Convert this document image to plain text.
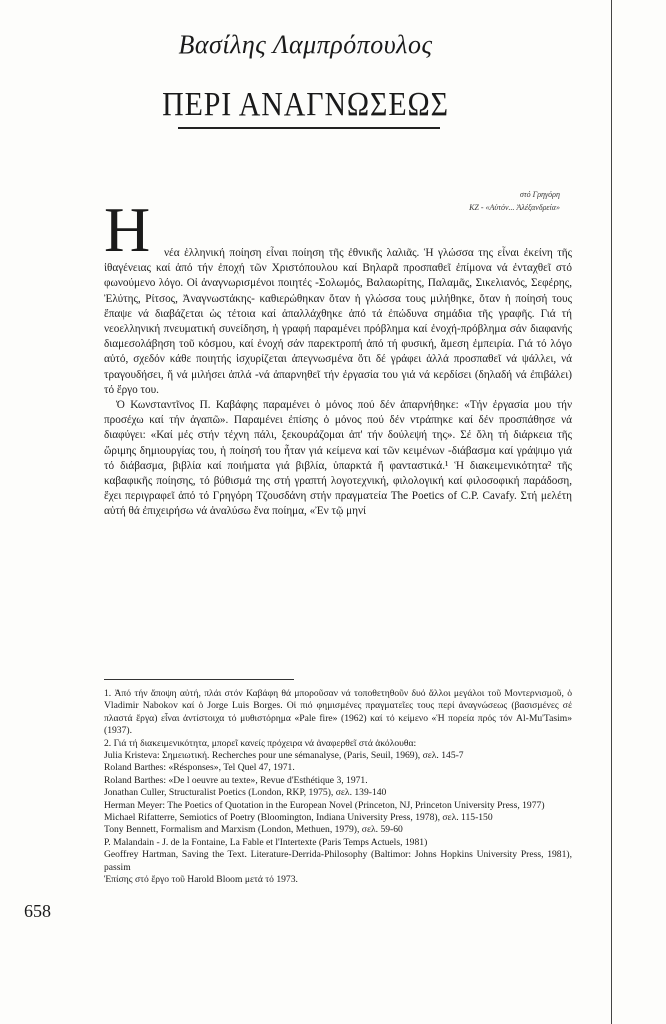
Βασίλης Λαμπρόπουλος
ΠΕΡΙ ΑΝΑΓΝΩΣΕΩΣ
στό Γρηγόρη
ΚΖ - «Αὐτόν... Ἀλέξανδρεία»
Η	νέα ἑλληνική ποίηση εἶναι ποίηση τῆς ἐθνικῆς λαλιᾶς. Ἡ γλώσσα της εἶναι ἐκείνη τῆς ἰθαγένειας καί ἀπό τήν ἐποχή τῶν Χριστόπουλου καί Βηλαρᾶ προσπαθεῖ ἐπίμονα νά ἐνταχθεῖ στό φωνούμενο λόγο. Οἱ ἀναγνωρισμένοι ποιητές -Σολωμός, Βαλαωρίτης, Παλαμᾶς, Σικελιανός, Σεφέρης, Ἐλύτης, Ρίτσος, Ἀναγνωστάκης- καθιερώθηκαν ὅταν ἡ γλώσσα τους μιλήθηκε, ὅταν ἡ ποίησή τους ἔπαψε νά διαβάζεται ὡς τέτοια καί ἀπαλλάχθηκε ἀπό τά ἐπώδυνα σημάδια τῆς γραφῆς. Γιά τή νεοελληνική πνευματική συνείδηση, ἡ γραφή παραμένει πρόβλημα καί ἐνοχή-πρόβλημα σάν διαφανής διαμεσολάβηση τοῦ κόσμου, καί ἐνοχή σάν παρεκτροπή ἀπό τή φυσική, ἄμεση ἐμπειρία. Γιά τό λόγο αὐτό, σχεδόν κάθε ποιητής ἰσχυρίζεται ἀπεγνωσμένα ὅτι δέ γράφει ἀλλά προσπαθεῖ νά ψάλλει, νά τραγουδήσει, ἤ νά μιλήσει ἁπλά -νά ἀπαρνηθεῖ τήν ἐργασία του γιά νά κερδίσει (δηλαδή νά ἐπιβάλει) τό ἔργο του.

Ὁ Κωνσταντῖνος Π. Καβάφης παραμένει ὁ μόνος πού δέν ἀπαρνήθηκε: «Τήν ἐργασία μου τήν προσέχω καί τήν ἀγαπῶ». Παραμένει ἐπίσης ὁ μόνος πού δέν ντράπηκε καί δέν προσπάθησε νά διαφύγει: «Καί μές στήν τέχνη πάλι, ξεκουράζομαι ἀπ' τήν δούλεψή της». Σέ ὅλη τή διάρκεια τῆς ὥριμης δημιουργίας του, ἡ ποίησή του ἦταν γιά κείμενα καί τῶν κειμένων -διάβασμα καί γράψιμο γιά τό διάβασμα, βιβλία καί ποιήματα γιά βιβλία, ὑπαρκτά ἤ φανταστικά.¹ Ἡ διακειμενικότητα² τῆς καβαφικῆς ποίησης, τό βύθισμά της στή γραπτή λογοτεχνική, φιλολογική καί φιλοσοφική παράδοση, ἔχει περιγραφεῖ ἀπό τό Γρηγόρη Τζουσδάνη στήν πραγματεία The Poetics of C.P. Cavafy. Στή μελέτη αὐτή θά ἐπιχειρήσω νά ἀναλύσω ἕνα ποίημα, «Ἐν τῷ μηνί

1. Ἀπό τήν ἄποψη αὐτή, πλάι στόν Καβάφη θά μποροῦσαν νά τοποθετηθοῦν δυό ἄλλοι μεγάλοι τοῦ Μοντερνισμοῦ, ὁ Vladimir Nabokov καί ὁ Jorge Luis Borges. Οἱ πιό φημισμένες πραγματεῖες τους περί ἀναγνώσεως (βασισμένες σέ πλαστά ἔργα) εἶναι ἀντίστοιχα τό μυθιστόρημα «Pale fire» (1962) καί τό κείμενο «Ἡ πορεία πρός τόν Al-Mu'Tasim» (1937).
2. Γιά τή διακειμενικότητα, μπορεῖ κανείς πρόχειρα νά ἀναφερθεῖ στά ἀκόλουθα:
Julia Kristeva: Σημειωτική. Recherches pour une sémanalyse, (Paris, Seuil, 1969), σελ. 145-7
Roland Barthes: «Résponses», Tel Quel 47, 1971.
Roland Barthes: «De l oeuvre au texte», Revue d'Esthétique 3, 1971.
Jonathan Culler, Structuralist Poetics (London, RKP, 1975), σελ. 139-140
Herman Meyer: The Poetics of Quotation in the European Novel (Princeton, NJ, Princeton University Press, 1977)
Michael Rifatterre, Semiotics of Poetry (Bloomington, Indiana University Press, 1978), σελ. 115-150
Tony Bennett, Formalism and Marxism (London, Methuen, 1979), σελ. 59-60
P. Malandain - J. de la Fontaine, La Fable et l'Intertexte (Paris Temps Actuels, 1981)
Geoffrey Hartman, Saving the Text. Literature-Derrida-Philosophy (Baltimor: Johns Hopkins University Press, 1981), passim
Ἐπίσης στό ἔργο τοῦ Harold Bloom μετά τό 1973.
658
